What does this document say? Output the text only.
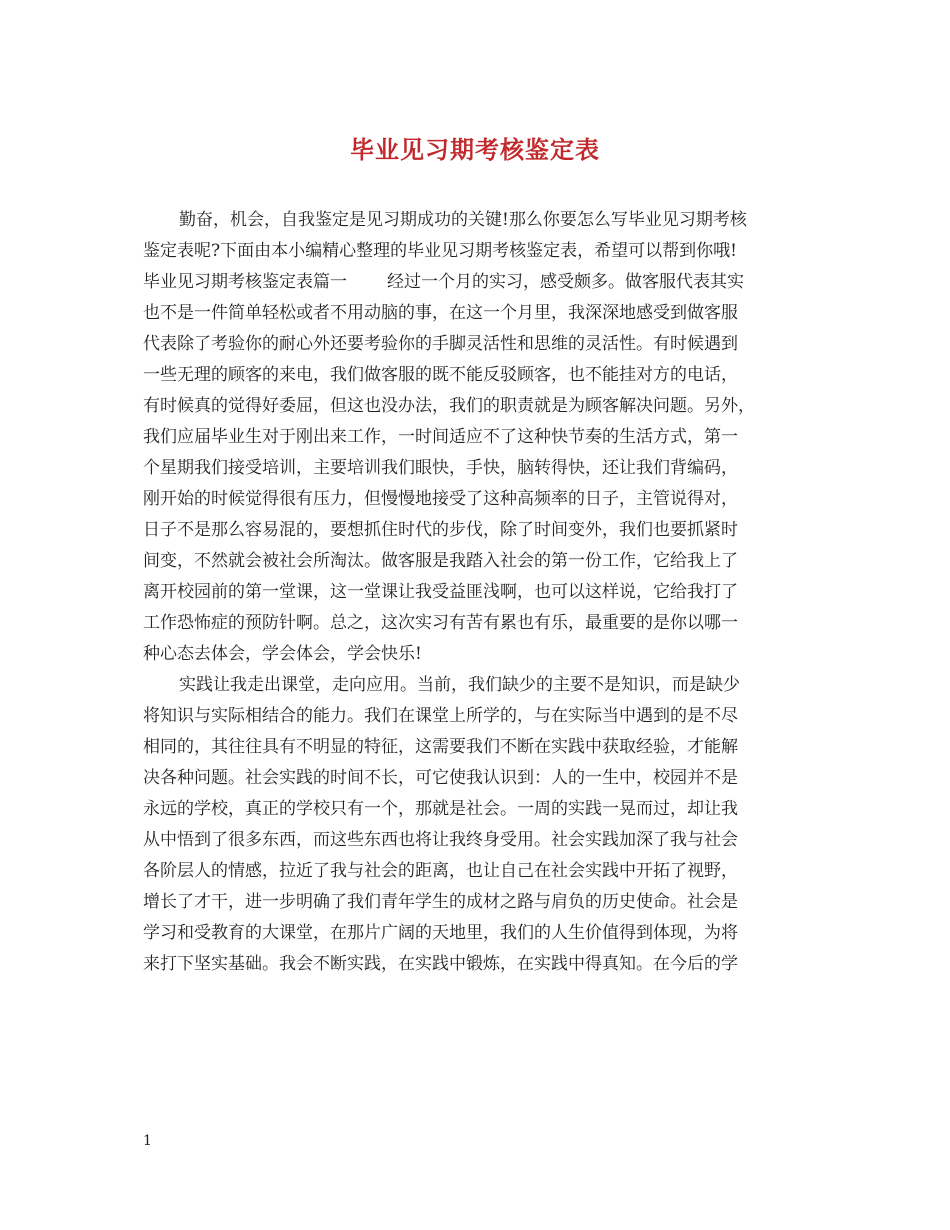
毕业见习期考核鉴定表
勤奋，机会，自我鉴定是见习期成功的关键!那么你要怎么写毕业见习期考核
鉴定表呢?下面由本小编精心整理的毕业见习期考核鉴定表，希望可以帮到你哦!
毕业见习期考核鉴定表篇一 经过一个月的实习，感受颇多。做客服代表其实
也不是一件简单轻松或者不用动脑的事，在这一个月里，我深深地感受到做客服
代表除了考验你的耐心外还要考验你的手脚灵活性和思维的灵活性。有时候遇到
一些无理的顾客的来电，我们做客服的既不能反驳顾客，也不能挂对方的电话，
有时候真的觉得好委屈，但这也没办法，我们的职责就是为顾客解决问题。另外，
我们应届毕业生对于刚出来工作，一时间适应不了这种快节奏的生活方式，第一
个星期我们接受培训，主要培训我们眼快，手快，脑转得快，还让我们背编码，
刚开始的时候觉得很有压力，但慢慢地接受了这种高频率的日子，主管说得对，
日子不是那么容易混的，要想抓住时代的步伐，除了时间变外，我们也要抓紧时
间变，不然就会被社会所淘汰。做客服是我踏入社会的第一份工作，它给我上了
离开校园前的第一堂课，这一堂课让我受益匪浅啊，也可以这样说，它给我打了
工作恐怖症的预防针啊。总之，这次实习有苦有累也有乐，最重要的是你以哪一
种心态去体会，学会体会，学会快乐!
实践让我走出课堂，走向应用。当前，我们缺少的主要不是知识，而是缺少
将知识与实际相结合的能力。我们在课堂上所学的，与在实际当中遇到的是不尽
相同的，其往往具有不明显的特征，这需要我们不断在实践中获取经验，才能解
决各种问题。社会实践的时间不长，可它使我认识到：人的一生中，校园并不是
永远的学校，真正的学校只有一个，那就是社会。一周的实践一晃而过，却让我
从中悟到了很多东西，而这些东西也将让我终身受用。社会实践加深了我与社会
各阶层人的情感，拉近了我与社会的距离，也让自己在社会实践中开拓了视野，
增长了才干，进一步明确了我们青年学生的成材之路与肩负的历史使命。社会是
学习和受教育的大课堂，在那片广阔的天地里，我们的人生价值得到体现，为将
来打下坚实基础。我会不断实践，在实践中锻炼，在实践中得真知。在今后的学
1
